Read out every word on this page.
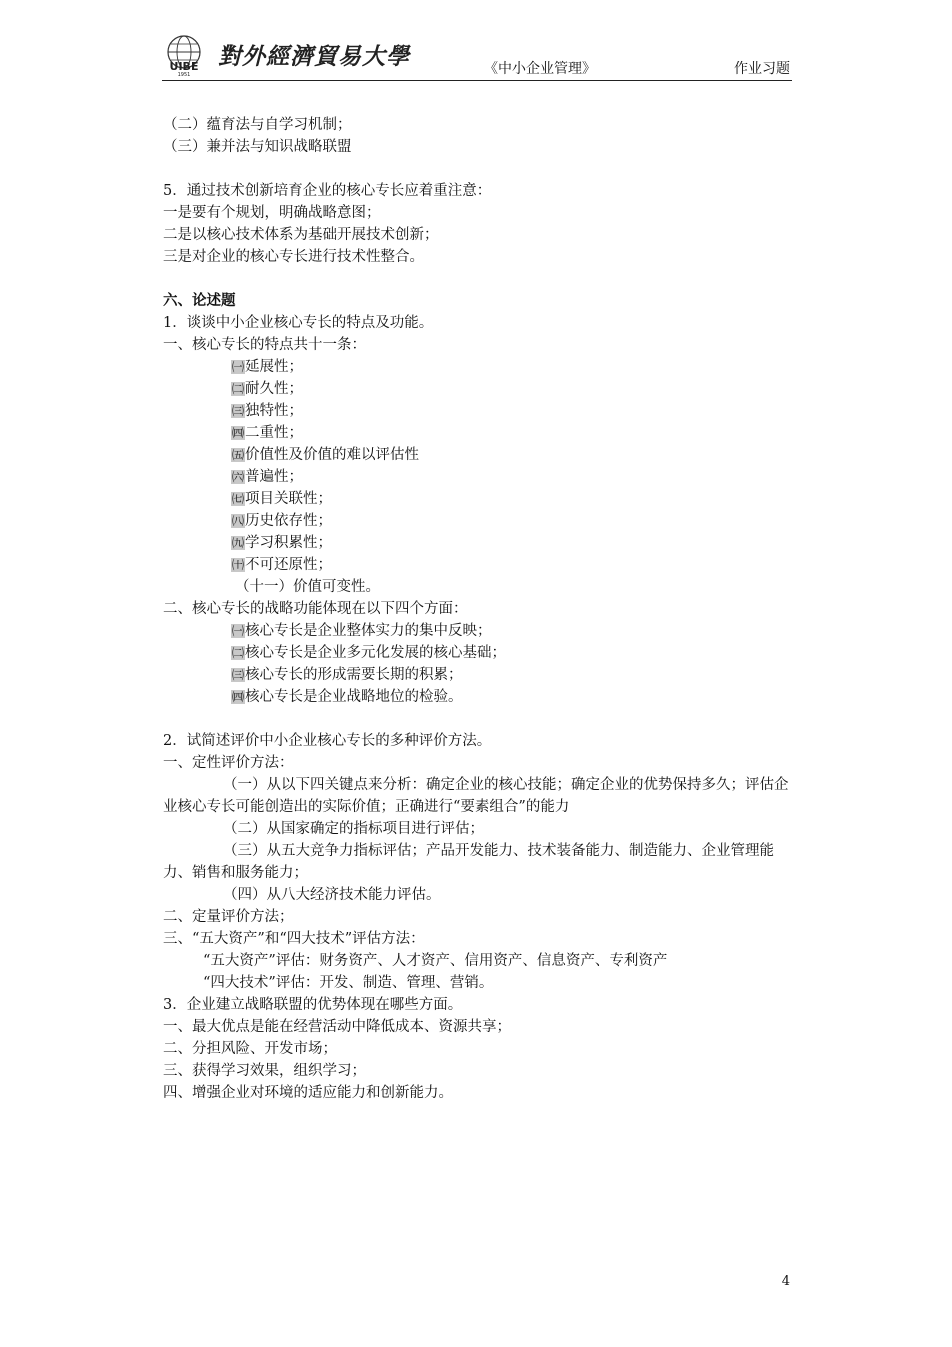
UIBE
1951
對外經濟貿易大學	《中小企业管理》	作业习题
（二）蕴育法与自学习机制；
（三）兼并法与知识战略联盟
5．通过技术创新培育企业的核心专长应着重注意：
一是要有个规划，明确战略意图；
二是以核心技术体系为基础开展技术创新；
三是对企业的核心专长进行技术性整合。
六、论述题
1．谈谈中小企业核心专长的特点及功能。
一、核心专长的特点共十一条：
㈠延展性；
㈡耐久性；
㈢独特性；
㈣二重性；
㈤价值性及价值的难以评估性
㈥普遍性；
㈦项目关联性；
㈧历史依存性；
㈨学习积累性；
㈩不可还原性；
（十一）价值可变性。
二、核心专长的战略功能体现在以下四个方面：
㈠核心专长是企业整体实力的集中反映；
㈡核心专长是企业多元化发展的核心基础；
㈢核心专长的形成需要长期的积累；
㈣核心专长是企业战略地位的检验。
2．试简述评价中小企业核心专长的多种评价方法。
一、定性评价方法：
（一）从以下四关键点来分析：确定企业的核心技能；确定企业的优势保持多久；评估企业核心专长可能创造出的实际价值；正确进行“要素组合”的能力
（二）从国家确定的指标项目进行评估；
（三）从五大竞争力指标评估；产品开发能力、技术装备能力、制造能力、企业管理能力、销售和服务能力；
（四）从八大经济技术能力评估。
二、定量评价方法；
三、“五大资产”和“四大技术”评估方法：
“五大资产”评估：财务资产、人才资产、信用资产、信息资产、专利资产
“四大技术”评估：开发、制造、管理、营销。
3．企业建立战略联盟的优势体现在哪些方面。
一、最大优点是能在经营活动中降低成本、资源共享；
二、分担风险、开发市场；
三、获得学习效果，组织学习；
四、增强企业对环境的适应能力和创新能力。
4
